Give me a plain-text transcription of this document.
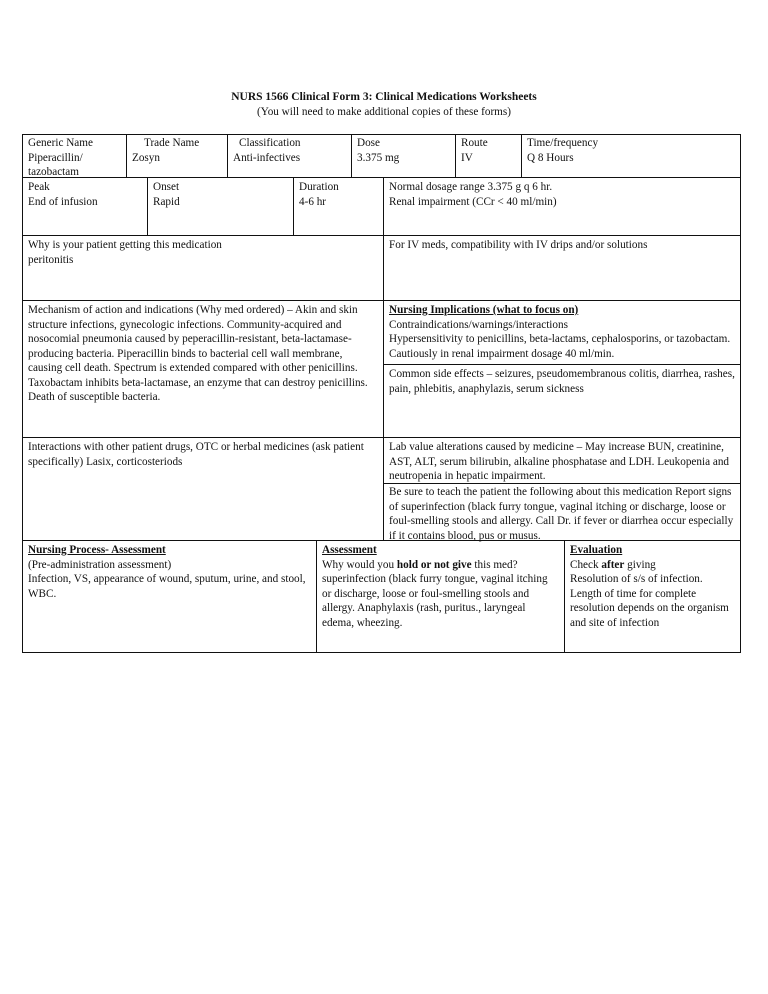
NURS 1566 Clinical Form 3: Clinical Medications Worksheets
(You will need to make additional copies of these forms)
Generic Name
Piperacillin/
tazobactam
Trade Name
Zosyn
Classification
Anti-infectives
Dose
3.375 mg
Route
IV
Time/frequency
Q 8 Hours
Peak
End of infusion
Onset
Rapid
Duration
4-6 hr
Normal dosage range 3.375 g q 6 hr.
Renal impairment (CCr < 40 ml/min)
Why is your patient getting this medication
peritonitis
For IV meds, compatibility with IV drips and/or solutions
Mechanism of action and indications (Why med ordered) – Akin and skin structure infections, gynecologic infections. Community-acquired and nosocomial pneumonia caused by peperacillin-resistant, beta-lactamase-producing bacteria. Piperacillin binds to bacterial cell wall membrane, causing cell death. Spectrum is extended compared with other penicillins. Taxobactam inhibits beta-lactamase, an enzyme that can destroy penicillins. Death of susceptible bacteria.
Nursing Implications (what to focus on)
Contraindications/warnings/interactions
Hypersensitivity to penicillins, beta-lactams, cephalosporins, or tazobactam. Cautiously in renal impairment dosage 40 ml/min.
Common side effects – seizures, pseudomembranous colitis, diarrhea, rashes, pain, phlebitis, anaphylazis, serum sickness
Interactions with other patient drugs, OTC or herbal medicines (ask patient specifically) Lasix, corticosteriods
Lab value alterations caused by medicine – May increase BUN, creatinine, AST, ALT, serum bilirubin, alkaline phosphatase and LDH. Leukopenia and neutropenia in hepatic impairment.
Be sure to teach the patient the following about this medication Report signs of superinfection (black furry tongue, vaginal itching or discharge, loose or foul-smelling stools and allergy. Call Dr. if fever or diarrhea occur especially if it contains blood, pus or musus.
Nursing Process- Assessment
(Pre-administration assessment)
Infection, VS, appearance of wound, sputum, urine, and stool, WBC.
Assessment
Why would you hold or not give this med?
superinfection (black furry tongue, vaginal itching or discharge, loose or foul-smelling stools and allergy. Anaphylaxis (rash, puritus., laryngeal edema, wheezing.
Evaluation
Check after giving
Resolution of s/s of infection. Length of time for complete resolution depends on the organism and site of infection
